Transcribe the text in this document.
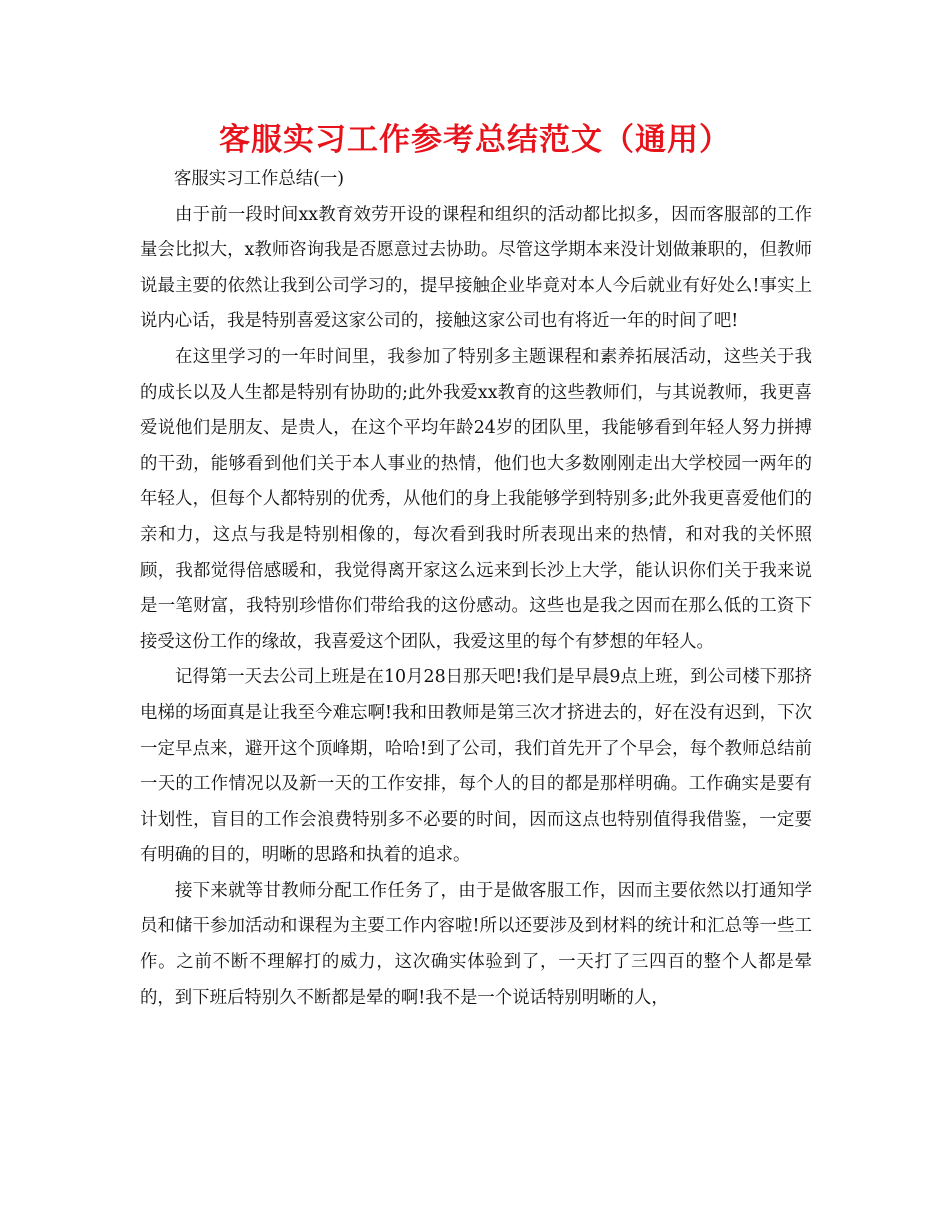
客服实习工作参考总结范文（通用）

客服实习工作总结(一)

由于前一段时间xx教育效劳开设的课程和组织的活动都比拟多，因而客服部的工作量会比拟大，x教师咨询我是否愿意过去协助。尽管这学期本来没计划做兼职的，但教师说最主要的依然让我到公司学习的，提早接触企业毕竟对本人今后就业有好处么!事实上说内心话，我是特别喜爱这家公司的，接触这家公司也有将近一年的时间了吧!

在这里学习的一年时间里，我参加了特别多主题课程和素养拓展活动，这些关于我的成长以及人生都是特别有协助的;此外我爱xx教育的这些教师们，与其说教师，我更喜爱说他们是朋友、是贵人，在这个平均年龄24岁的团队里，我能够看到年轻人努力拼搏的干劲，能够看到他们关于本人事业的热情，他们也大多数刚刚走出大学校园一两年的年轻人，但每个人都特别的优秀，从他们的身上我能够学到特别多;此外我更喜爱他们的亲和力，这点与我是特别相像的，每次看到我时所表现出来的热情，和对我的关怀照顾，我都觉得倍感暖和，我觉得离开家这么远来到长沙上大学，能认识你们关于我来说是一笔财富，我特别珍惜你们带给我的这份感动。这些也是我之因而在那么低的工资下接受这份工作的缘故，我喜爱这个团队，我爱这里的每个有梦想的年轻人。

记得第一天去公司上班是在10月28日那天吧!我们是早晨9点上班，到公司楼下那挤电梯的场面真是让我至今难忘啊!我和田教师是第三次才挤进去的，好在没有迟到，下次一定早点来，避开这个顶峰期，哈哈!到了公司，我们首先开了个早会，每个教师总结前一天的工作情况以及新一天的工作安排，每个人的目的都是那样明确。工作确实是要有计划性，盲目的工作会浪费特别多不必要的时间，因而这点也特别值得我借鉴，一定要有明确的目的，明晰的思路和执着的追求。

接下来就等甘教师分配工作任务了，由于是做客服工作，因而主要依然以打通知学员和储干参加活动和课程为主要工作内容啦!所以还要涉及到材料的统计和汇总等一些工作。之前不断不理解打的威力，这次确实体验到了，一天打了三四百的整个人都是晕的，到下班后特别久不断都是晕的啊!我不是一个说话特别明晰的人，
